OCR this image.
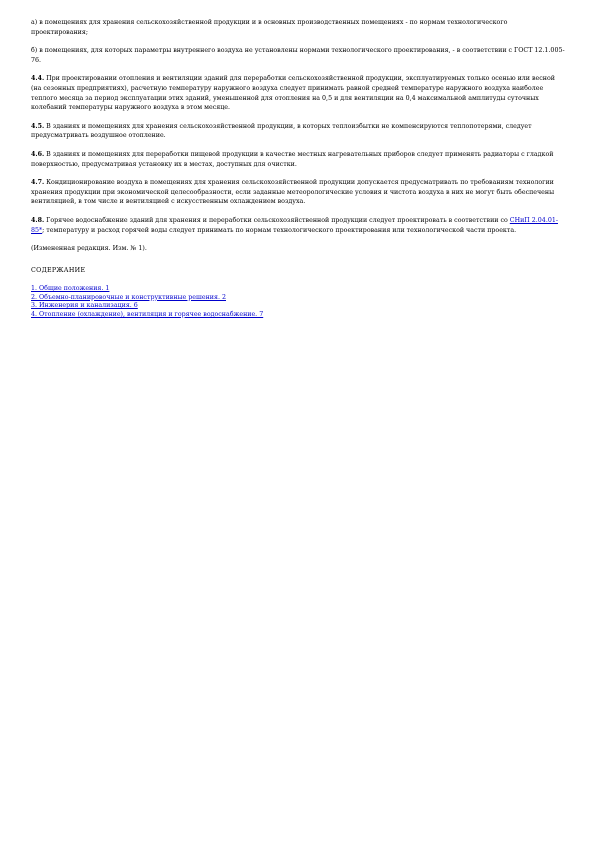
а) в помещениях для хранения сельскохозяйственной продукции и в основных производственных помещениях - по нормам технологического проектирования;

б) в помещениях, для которых параметры внутреннего воздуха не установлены нормами технологического проектирования, - в соответствии с ГОСТ 12.1.005-76.

4.4. При проектировании отопления и вентиляции зданий для переработки сельскохозяйственной продукции, эксплуатируемых только осенью или весной (на сезонных предприятиях), расчетную температуру наружного воздуха следует принимать равной средней температуре наружного воздуха наиболее теплого месяца за период эксплуатации этих зданий, уменьшенной для отопления на 0,5 и для вентиляции на 0,4 максимальной амплитуды суточных колебаний температуры наружного воздуха в этом месяце.

4.5. В зданиях и помещениях для хранения сельскохозяйственной продукции, в которых теплоизбытки не компенсируются теплопотерями, следует предусматривать воздушное отопление.

4.6. В зданиях и помещениях для переработки пищевой продукции в качестве местных нагревательных приборов следует применять радиаторы с гладкой поверхностью, предусматривая установку их в местах, доступных для очистки.

4.7. Кондиционирование воздуха в помещениях для хранения сельскохозяйственной продукции допускается предусматривать по требованиям технологии хранения продукции при экономической целесообразности, если заданные метеорологические условия и чистота воздуха в них не могут быть обеспечены вентиляцией, в том числе и вентиляцией с искусственным охлаждением воздуха.

4.8. Горячее водоснабжение зданий для хранения и переработки сельскохозяйственной продукции следует проектировать в соответствии со СНиП 2.04.01-85*; температуру и расход горячей воды следует принимать по нормам технологического проектирования или технологической части проекта.

(Измененная редакция. Изм. № 1).

СОДЕРЖАНИЕ
1. Общие положения. 1
2. Объемно-планировочные и конструктивные решения. 2
3. Инженерия и канализация. 6
4. Отопление (охлаждение), вентиляция и горячее водоснабжение. 7
